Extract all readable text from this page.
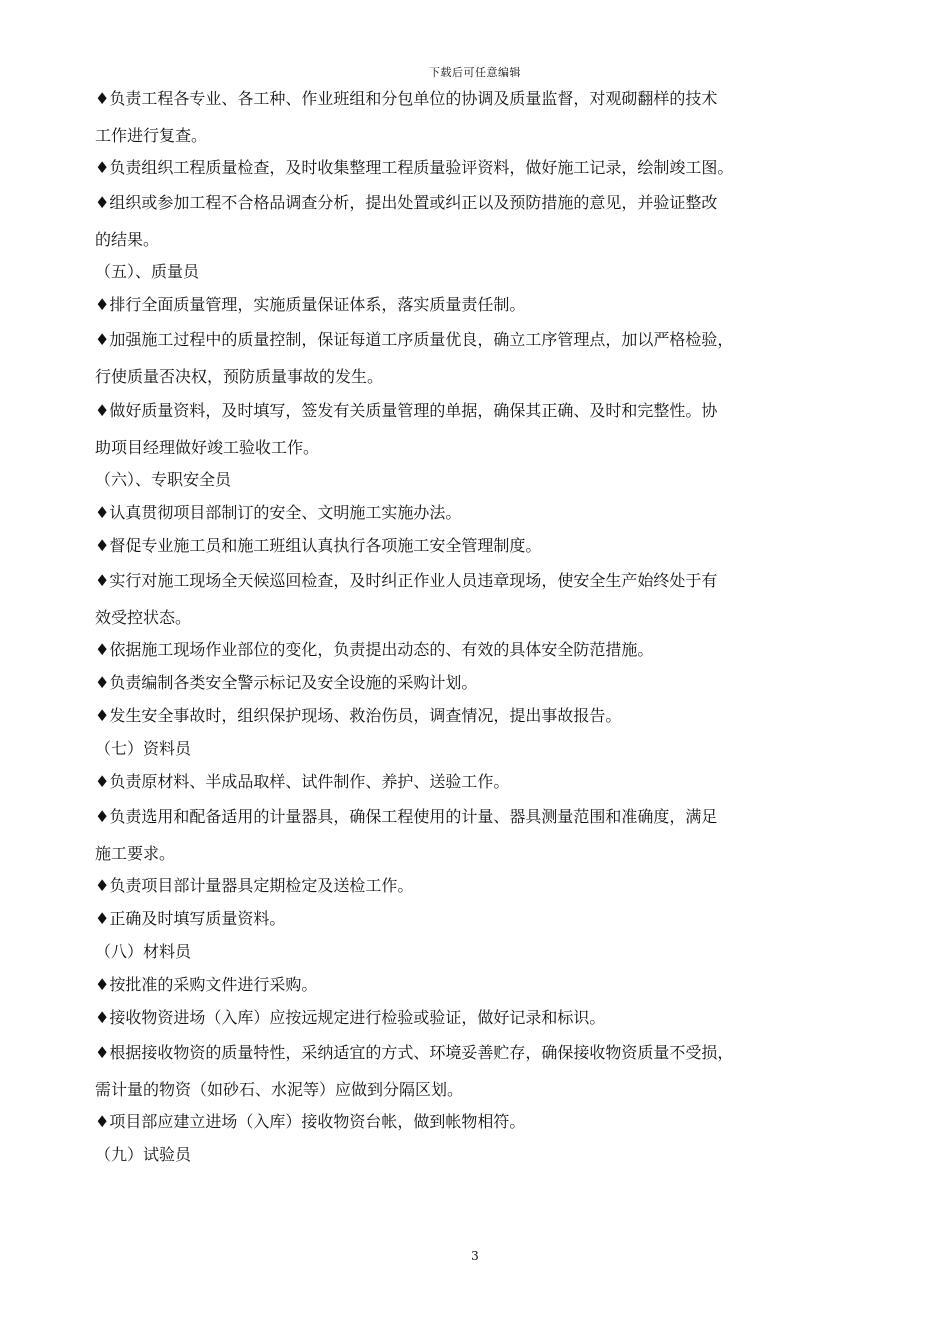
下载后可任意编辑

♦负责工程各专业、各工种、作业班组和分包单位的协调及质量监督，对观砌翻样的技术
工作进行复查。

♦负责组织工程质量检查，及时收集整理工程质量验评资料，做好施工记录，绘制竣工图。

♦组织或参加工程不合格品调查分析，提出处置或纠正以及预防措施的意见，并验证整改
的结果。

（五）、质量员

♦排行全面质量管理，实施质量保证体系，落实质量责任制。

♦加强施工过程中的质量控制，保证每道工序质量优良，确立工序管理点，加以严格检验，
行使质量否决权，预防质量事故的发生。

♦做好质量资料，及时填写，签发有关质量管理的单据，确保其正确、及时和完整性。协
助项目经理做好竣工验收工作。

（六）、专职安全员

♦认真贯彻项目部制订的安全、文明施工实施办法。

♦督促专业施工员和施工班组认真执行各项施工安全管理制度。

♦实行对施工现场全天候巡回检查，及时纠正作业人员违章现场，使安全生产始终处于有
效受控状态。

♦依据施工现场作业部位的变化，负责提出动态的、有效的具体安全防范措施。

♦负责编制各类安全警示标记及安全设施的采购计划。

♦发生安全事故时，组织保护现场、救治伤员，调查情况，提出事故报告。

（七）资料员

♦负责原材料、半成品取样、试件制作、养护、送验工作。

♦负责选用和配备适用的计量器具，确保工程使用的计量、器具测量范围和准确度，满足
施工要求。

♦负责项目部计量器具定期检定及送检工作。

♦正确及时填写质量资料。

（八）材料员

♦按批准的采购文件进行采购。

♦接收物资进场（入库）应按远规定进行检验或验证，做好记录和标识。

♦根据接收物资的质量特性，采纳适宜的方式、环境妥善贮存，确保接收物资质量不受损，
需计量的物资（如砂石、水泥等）应做到分隔区划。

♦项目部应建立进场（入库）接收物资台帐，做到帐物相符。

（九）试验员

3
